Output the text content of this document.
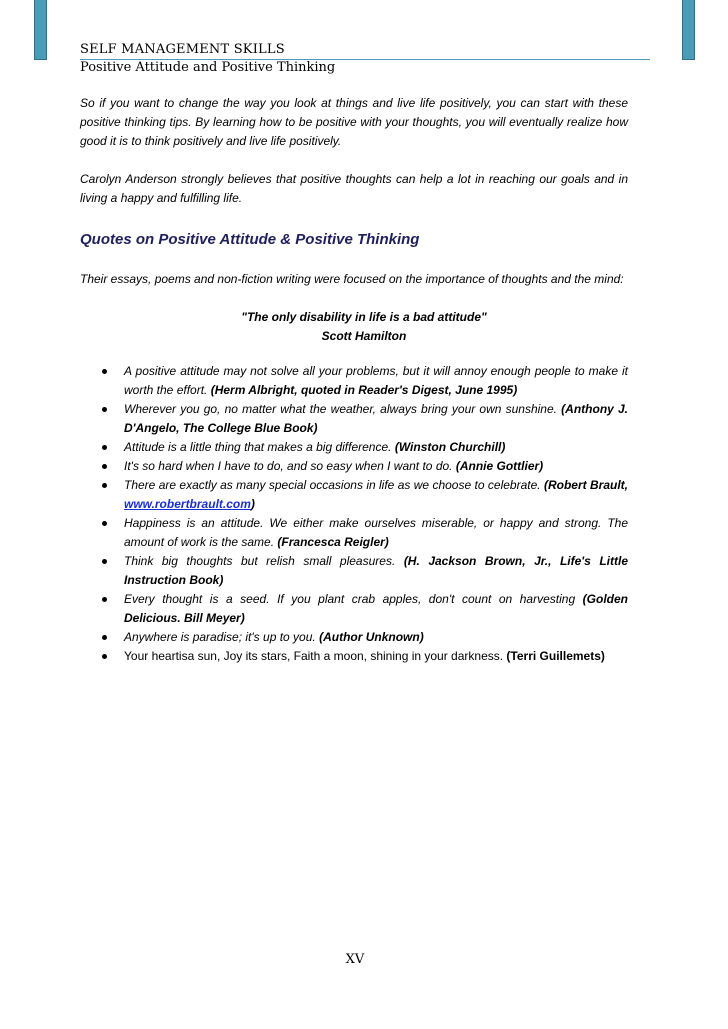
SELF MANAGEMENT SKILLS
Positive Attitude and Positive Thinking

So if you want to change the way you look at things and live life positively, you can start with these positive thinking tips. By learning how to be positive with your thoughts, you will eventually realize how good it is to think positively and live life positively.

Carolyn Anderson strongly believes that positive thoughts can help a lot in reaching our goals and in living a happy and fulfilling life.

Quotes on Positive Attitude & Positive Thinking

Their essays, poems and non-fiction writing were focused on the importance of thoughts and the mind:

"The only disability in life is a bad attitude"
Scott Hamilton
A positive attitude may not solve all your problems, but it will annoy enough people to make it worth the effort. (Herm Albright, quoted in Reader's Digest, June 1995)
Wherever you go, no matter what the weather, always bring your own sunshine. (Anthony J. D'Angelo, The College Blue Book)
Attitude is a little thing that makes a big difference. (Winston Churchill)
It's so hard when I have to do, and so easy when I want to do. (Annie Gottlier)
There are exactly as many special occasions in life as we choose to celebrate. (Robert Brault, www.robertbrault.com)
Happiness is an attitude. We either make ourselves miserable, or happy and strong. The amount of work is the same. (Francesca Reigler)
Think big thoughts but relish small pleasures. (H. Jackson Brown, Jr., Life's Little Instruction Book)
Every thought is a seed. If you plant crab apples, don't count on harvesting (Golden Delicious. Bill Meyer)
Anywhere is paradise; it's up to you. (Author Unknown)
Your heartisa sun, Joy its stars, Faith a moon, shining in your darkness. (Terri Guillemets)
XV
